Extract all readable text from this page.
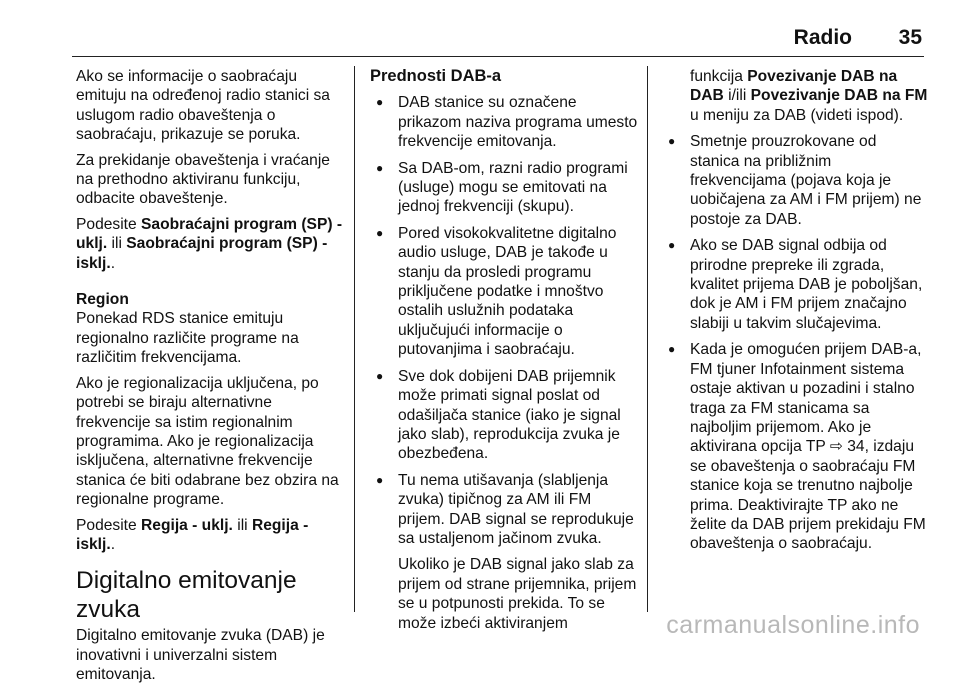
Radio 35

Ako se informacije o saobraćaju emituju na određenoj radio stanici sa uslugom radio obaveštenja o saobraćaju, prikazuje se poruka.

Za prekidanje obaveštenja i vraćanje na prethodno aktiviranu funkciju, odbacite obaveštenje.

Podesite Saobraćajni program (SP) - uklj. ili Saobraćajni program (SP) - isklj..

Region

Ponekad RDS stanice emituju regionalno različite programe na različitim frekvencijama.

Ako je regionalizacija uključena, po potrebi se biraju alternativne frekvencije sa istim regionalnim programima. Ako je regionalizacija isključena, alternativne frekvencije stanica će biti odabrane bez obzira na regionalne programe.

Podesite Regija - uklj. ili Regija - isklj..

Digitalno emitovanje zvuka

Digitalno emitovanje zvuka (DAB) je inovativni i univerzalni sistem emitovanja.

Prednosti DAB-a

● DAB stanice su označene prikazom naziva programa umesto frekvencije emitovanja.
● Sa DAB-om, razni radio programi (usluge) mogu se emitovati na jednoj frekvenciji (skupu).
● Pored visokokvalitetne digitalno audio usluge, DAB je takođe u stanju da prosledi programu priključene podatke i mnoštvo ostalih uslužnih podataka uključujući informacije o putovanjima i saobraćaju.
● Sve dok dobijeni DAB prijemnik može primati signal poslat od odašiljača stanice (iako je signal jako slab), reprodukcija zvuka je obezbeđena.
● Tu nema utišavanja (slabljenja zvuka) tipičnog za AM ili FM prijem. DAB signal se reprodukuje sa ustaljenom jačinom zvuka.

Ukoliko je DAB signal jako slab za prijem od strane prijemnika, prijem se u potpunosti prekida. To se može izbeći aktiviranjem

funkcija Povezivanje DAB na DAB i/ili Povezivanje DAB na FM u meniju za DAB (videti ispod).

● Smetnje prouzrokovane od stanica na približnim frekvencijama (pojava koja je uobičajena za AM i FM prijem) ne postoje za DAB.
● Ako se DAB signal odbija od prirodne prepreke ili zgrada, kvalitet prijema DAB je poboljšan, dok je AM i FM prijem značajno slabiji u takvim slučajevima.
● Kada je omogućen prijem DAB-a, FM tjuner Infotainment sistema ostaje aktivan u pozadini i stalno traga za FM stanicama sa najboljim prijemom. Ako je aktivirana opcija TP ⇨ 34, izdaju se obaveštenja o saobraćaju FM stanice koja se trenutno najbolje prima. Deaktivirajte TP ako ne želite da DAB prijem prekidaju FM obaveštenja o saobraćaju.
carmanualsonline.info
